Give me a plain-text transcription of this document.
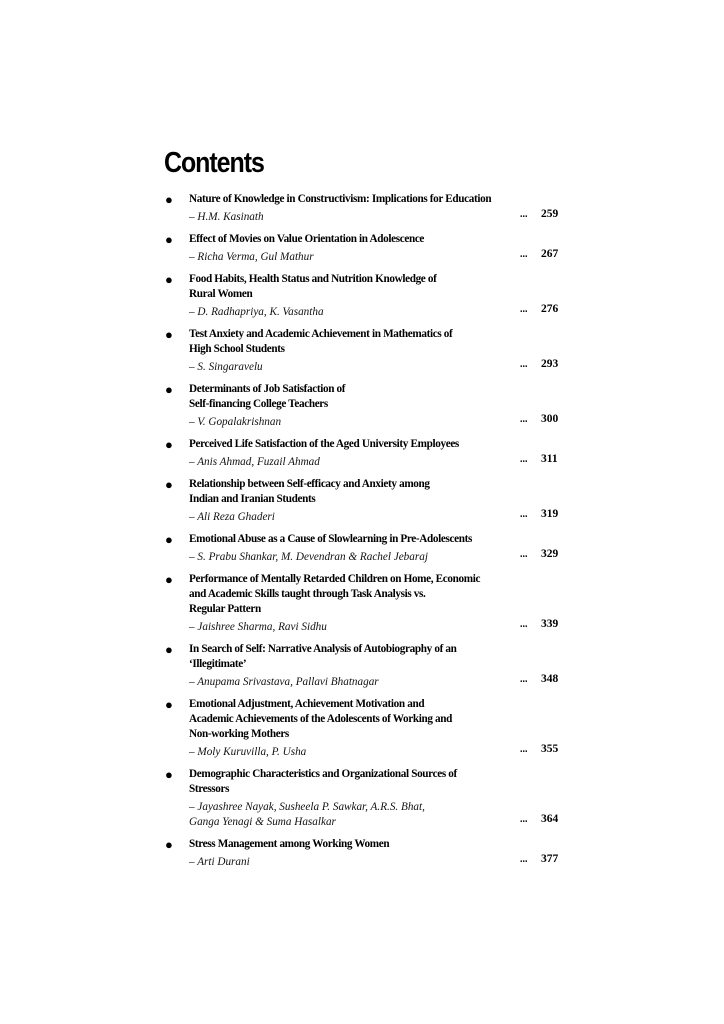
Contents
● Nature of Knowledge in Constructivism: Implications for Education
– H.M. Kasinath	... 259
● Effect of Movies on Value Orientation in Adolescence
– Richa Verma, Gul Mathur	... 267
● Food Habits, Health Status and Nutrition Knowledge of
Rural Women
– D. Radhapriya, K. Vasantha	... 276
● Test Anxiety and Academic Achievement in Mathematics of
High School Students
– S. Singaravelu	... 293
● Determinants of Job Satisfaction of
Self-financing College Teachers
– V. Gopalakrishnan	... 300
● Perceived Life Satisfaction of the Aged University Employees
– Anis Ahmad, Fuzail Ahmad	... 311
● Relationship between Self-efficacy and Anxiety among
Indian and Iranian Students
– Ali Reza Ghaderi	... 319
● Emotional Abuse as a Cause of Slowlearning in Pre-Adolescents
– S. Prabu Shankar, M. Devendran & Rachel Jebaraj	... 329
● Performance of Mentally Retarded Children on Home, Economic
and Academic Skills taught through Task Analysis vs.
Regular Pattern
– Jaishree Sharma, Ravi Sidhu	... 339
● In Search of Self: Narrative Analysis of Autobiography of an
‘Illegitimate’
– Anupama Srivastava, Pallavi Bhatnagar	... 348
● Emotional Adjustment, Achievement Motivation and
Academic Achievements of the Adolescents of Working and
Non-working Mothers
– Moly Kuruvilla, P. Usha	... 355
● Demographic Characteristics and Organizational Sources of
Stressors
– Jayashree Nayak, Susheela P. Sawkar, A.R.S. Bhat,
Ganga Yenagi & Suma Hasalkar	... 364
● Stress Management among Working Women
– Arti Durani	... 377
